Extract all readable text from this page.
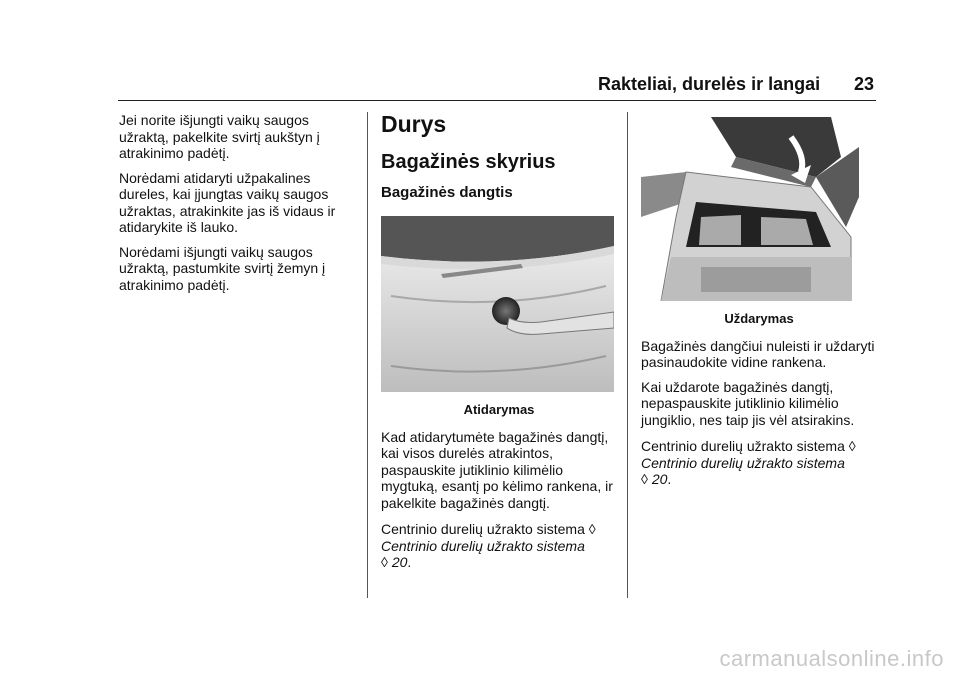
Rakteliai, durelės ir langai 23

Jei norite išjungti vaikų saugos užraktą, pakelkite svirtį aukštyn į atrakinimo padėtį.

Norėdami atidaryti užpakalines dureles, kai įjungtas vaikų saugos užraktas, atrakinkite jas iš vidaus ir atidarykite iš lauko.

Norėdami išjungti vaikų saugos užraktą, pastumkite svirtį žemyn į atrakinimo padėtį.

Durys
Bagažinės skyrius
Bagažinės dangtis
Atidarymas

Kad atidarytumėte bagažinės dangtį, kai visos durelės atrakintos, paspauskite jutiklinio kilimėlio mygtuką, esantį po kėlimo rankena, ir pakelkite bagažinės dangtį.

Centrinio durelių užrakto sistema ◊
Centrinio durelių užrakto sistema
◊ 20.

Uždarymas

Bagažinės dangčiui nuleisti ir uždaryti pasinaudokite vidine rankena.

Kai uždarote bagažinės dangtį, nepaspauskite jutiklinio kilimėlio jungiklio, nes taip jis vėl atsirakins.

Centrinio durelių užrakto sistema ◊
Centrinio durelių užrakto sistema
◊ 20.

carmanualsonline.info
